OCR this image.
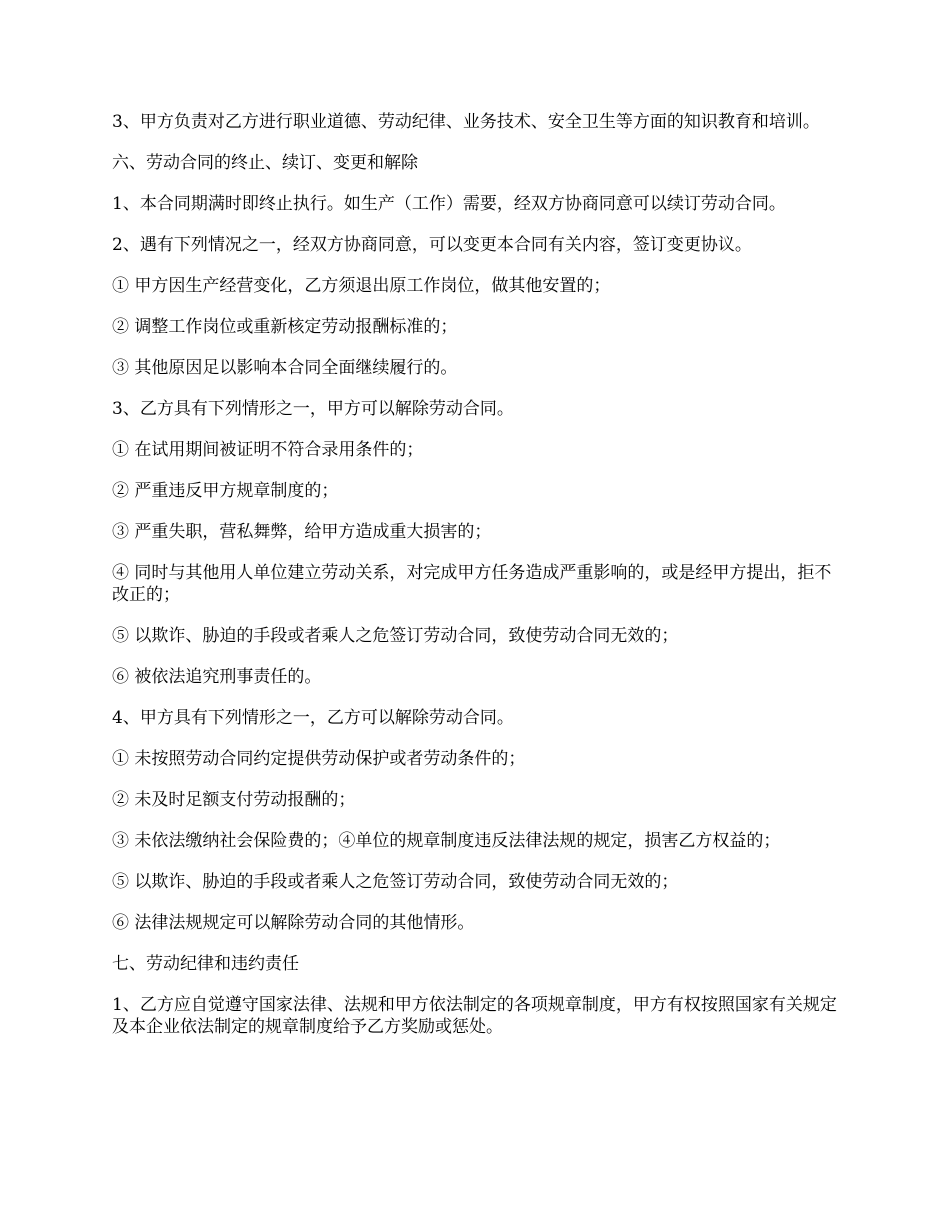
3、甲方负责对乙方进行职业道德、劳动纪律、业务技术、安全卫生等方面的知识教育和培训。

六、劳动合同的终止、续订、变更和解除

1、本合同期满时即终止执行。如生产（工作）需要，经双方协商同意可以续订劳动合同。

2、遇有下列情况之一，经双方协商同意，可以变更本合同有关内容，签订变更协议。

① 甲方因生产经营变化，乙方须退出原工作岗位，做其他安置的；

② 调整工作岗位或重新核定劳动报酬标准的；

③ 其他原因足以影响本合同全面继续履行的。

3、乙方具有下列情形之一，甲方可以解除劳动合同。

① 在试用期间被证明不符合录用条件的；

② 严重违反甲方规章制度的；

③ 严重失职，营私舞弊，给甲方造成重大损害的；

④ 同时与其他用人单位建立劳动关系，对完成甲方任务造成严重影响的，或是经甲方提出，拒不改正的；

⑤ 以欺诈、胁迫的手段或者乘人之危签订劳动合同，致使劳动合同无效的；

⑥ 被依法追究刑事责任的。

4、甲方具有下列情形之一，乙方可以解除劳动合同。

① 未按照劳动合同约定提供劳动保护或者劳动条件的；

② 未及时足额支付劳动报酬的；

③ 未依法缴纳社会保险费的；④单位的规章制度违反法律法规的规定，损害乙方权益的；

⑤ 以欺诈、胁迫的手段或者乘人之危签订劳动合同，致使劳动合同无效的；

⑥ 法律法规规定可以解除劳动合同的其他情形。

七、劳动纪律和违约责任

1、乙方应自觉遵守国家法律、法规和甲方依法制定的各项规章制度，甲方有权按照国家有关规定及本企业依法制定的规章制度给予乙方奖励或惩处。
